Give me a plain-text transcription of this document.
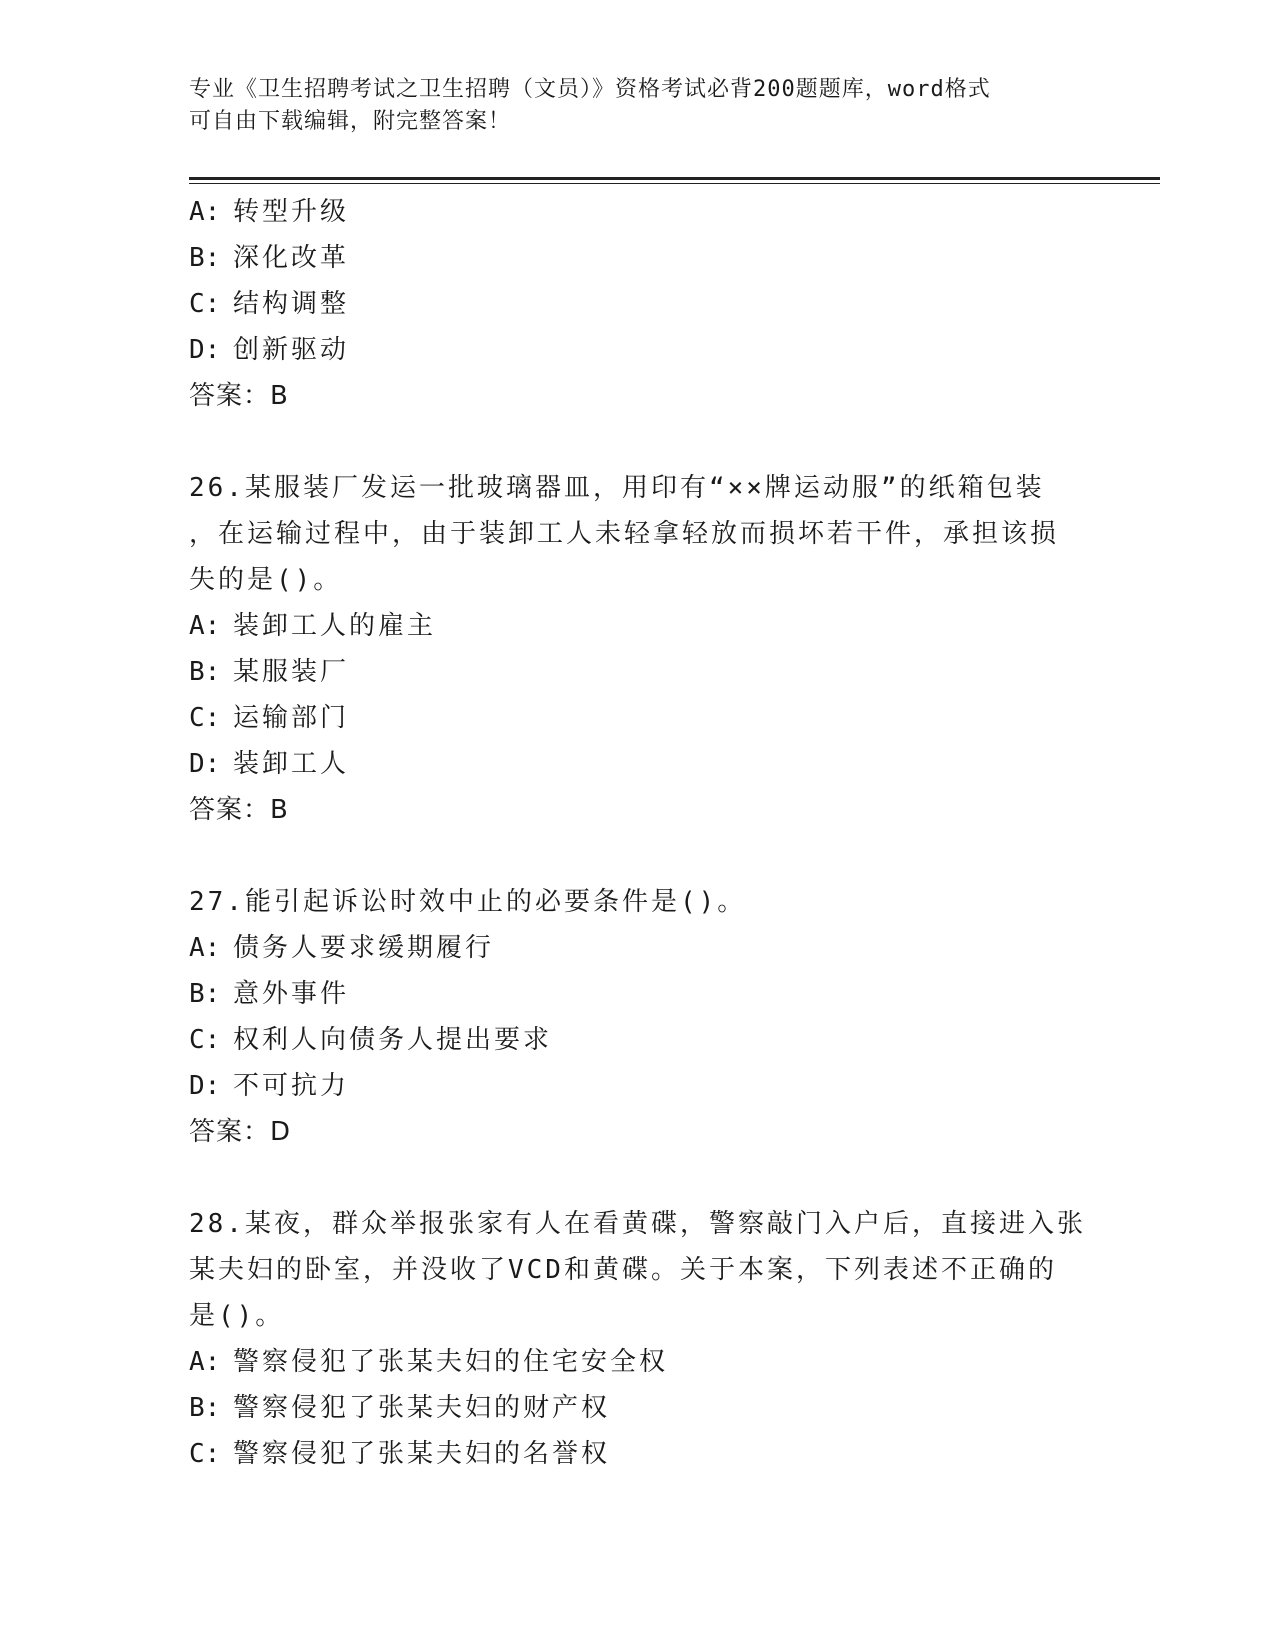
专业《卫生招聘考试之卫生招聘（文员）》资格考试必背200题题库，word格式

可自由下载编辑，附完整答案！

A: 转型升级
B: 深化改革
C: 结构调整
D: 创新驱动
答案：B
26.某服装厂发运一批玻璃器皿，用印有“××牌运动服”的纸箱包装
，在运输过程中，由于装卸工人未轻拿轻放而损坏若干件，承担该损
失的是()。
A: 装卸工人的雇主
B: 某服装厂
C: 运输部门
D: 装卸工人
答案：B
27.能引起诉讼时效中止的必要条件是()。
A: 债务人要求缓期履行
B: 意外事件
C: 权利人向债务人提出要求
D: 不可抗力
答案：D
28.某夜，群众举报张家有人在看黄碟，警察敲门入户后，直接进入张
某夫妇的卧室，并没收了VCD和黄碟。关于本案，下列表述不正确的
是()。
A: 警察侵犯了张某夫妇的住宅安全权
B: 警察侵犯了张某夫妇的财产权
C: 警察侵犯了张某夫妇的名誉权
